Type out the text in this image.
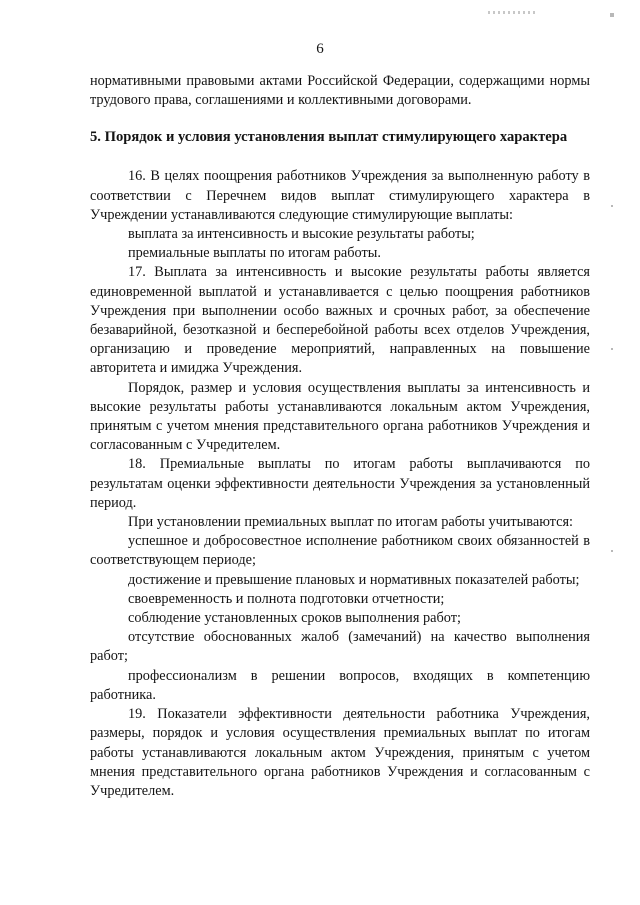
6

нормативными правовыми актами Российской Федерации, содержащими нормы трудового права, соглашениями и коллективными договорами.

5. Порядок и условия установления выплат стимулирующего характера

16. В целях поощрения работников Учреждения за выполненную работу в соответствии с Перечнем видов выплат стимулирующего характера в Учреждении устанавливаются следующие стимулирующие выплаты:

выплата за интенсивность и высокие результаты работы;

премиальные выплаты по итогам работы.

17. Выплата за интенсивность и высокие результаты работы является единовременной выплатой и устанавливается с целью поощрения работников Учреждения при выполнении особо важных и срочных работ, за обеспечение безаварийной, безотказной и бесперебойной работы всех отделов Учреждения, организацию и проведение мероприятий, направленных на повышение авторитета и имиджа Учреждения.

Порядок, размер и условия осуществления выплаты за интенсивность и высокие результаты работы устанавливаются локальным актом Учреждения, принятым с учетом мнения представительного органа работников Учреждения и согласованным с Учредителем.

18. Премиальные выплаты по итогам работы выплачиваются по результатам оценки эффективности деятельности Учреждения за установленный период.

При установлении премиальных выплат по итогам работы учитываются:

успешное и добросовестное исполнение работником своих обязанностей в соответствующем периоде;

достижение и превышение плановых и нормативных показателей работы;

своевременность и полнота подготовки отчетности;

соблюдение установленных сроков выполнения работ;

отсутствие обоснованных жалоб (замечаний) на качество выполнения работ;

профессионализм в решении вопросов, входящих в компетенцию работника.

19. Показатели эффективности деятельности работника Учреждения, размеры, порядок и условия осуществления премиальных выплат по итогам работы устанавливаются локальным актом Учреждения, принятым с учетом мнения представительного органа работников Учреждения и согласованным с Учредителем.
